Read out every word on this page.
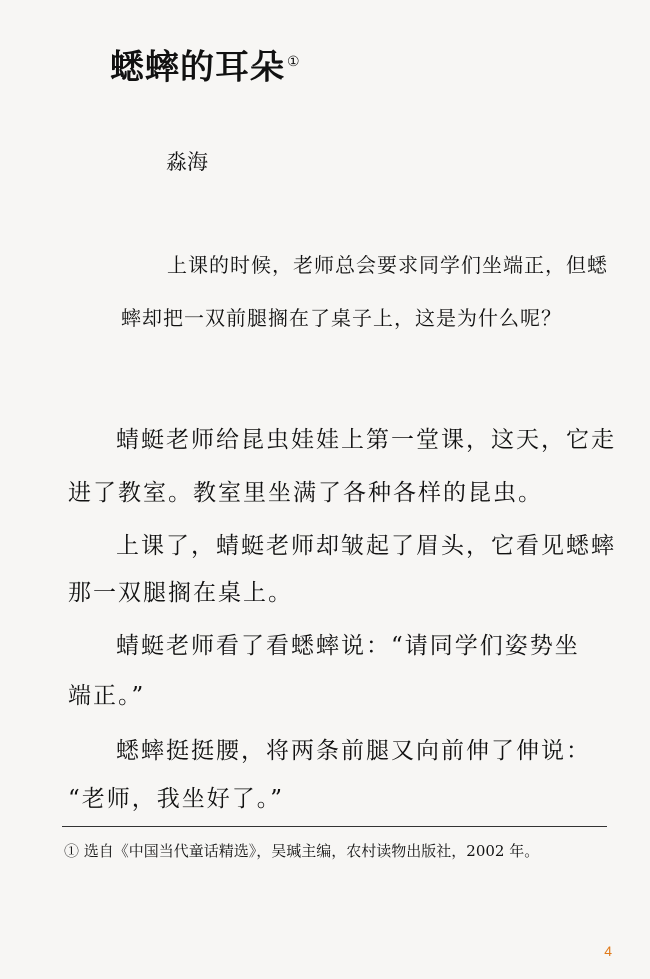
蟋蟀的耳朵 ①
淼海
上课的时候，老师总会要求同学们坐端正，但蟋
蟀却把一双前腿搁在了桌子上，这是为什么呢？
蜻蜓老师给昆虫娃娃上第一堂课，这天，它走
进了教室。教室里坐满了各种各样的昆虫。
上课了，蜻蜓老师却皱起了眉头，它看见蟋蟀
那一双腿搁在桌上。
蜻蜓老师看了看蟋蟀说：“请同学们姿势坐
端正。”
蟋蟀挺挺腰，将两条前腿又向前伸了伸说：
“老师，我坐好了。”
① 选自《中国当代童话精选》，吴瑊主编，农村读物出版社，2002 年。
4
